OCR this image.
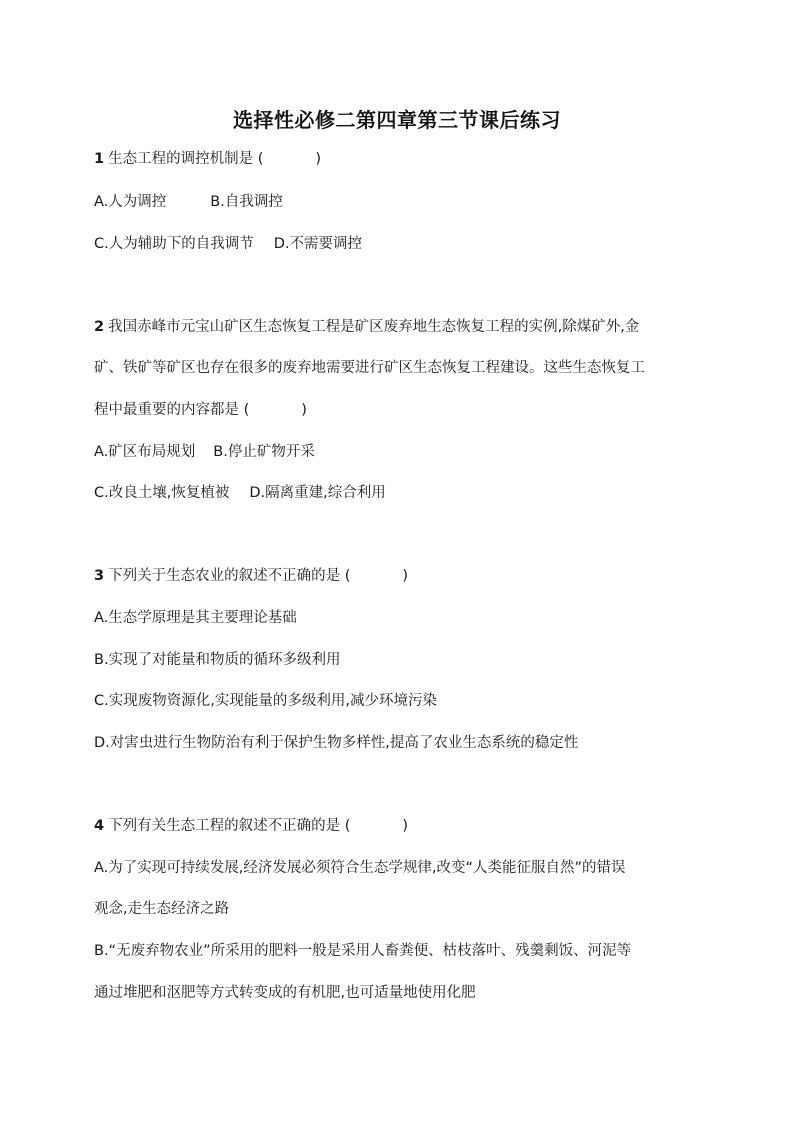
选择性必修二第四章第三节课后练习
1 生态工程的调控机制是 (	)
A.人为调控	B.自我调控
C.人为辅助下的自我调节 D.不需要调控
2 我国赤峰市元宝山矿区生态恢复工程是矿区废弃地生态恢复工程的实例,除煤矿外,金
矿、铁矿等矿区也存在很多的废弃地需要进行矿区生态恢复工程建设。这些生态恢复工
程中最重要的内容都是 (	)
A.矿区布局规划 B.停止矿物开采
C.改良土壤,恢复植被 D.隔离重建,综合利用
3 下列关于生态农业的叙述不正确的是 (	)
A.生态学原理是其主要理论基础
B.实现了对能量和物质的循环多级利用
C.实现废物资源化,实现能量的多级利用,减少环境污染
D.对害虫进行生物防治有利于保护生物多样性,提高了农业生态系统的稳定性
4 下列有关生态工程的叙述不正确的是 (	)
A.为了实现可持续发展,经济发展必须符合生态学规律,改变“人类能征服自然”的错误
观念,走生态经济之路
B.“无废弃物农业”所采用的肥料一般是采用人畜粪便、枯枝落叶、残羹剩饭、河泥等
通过堆肥和沤肥等方式转变成的有机肥,也可适量地使用化肥
